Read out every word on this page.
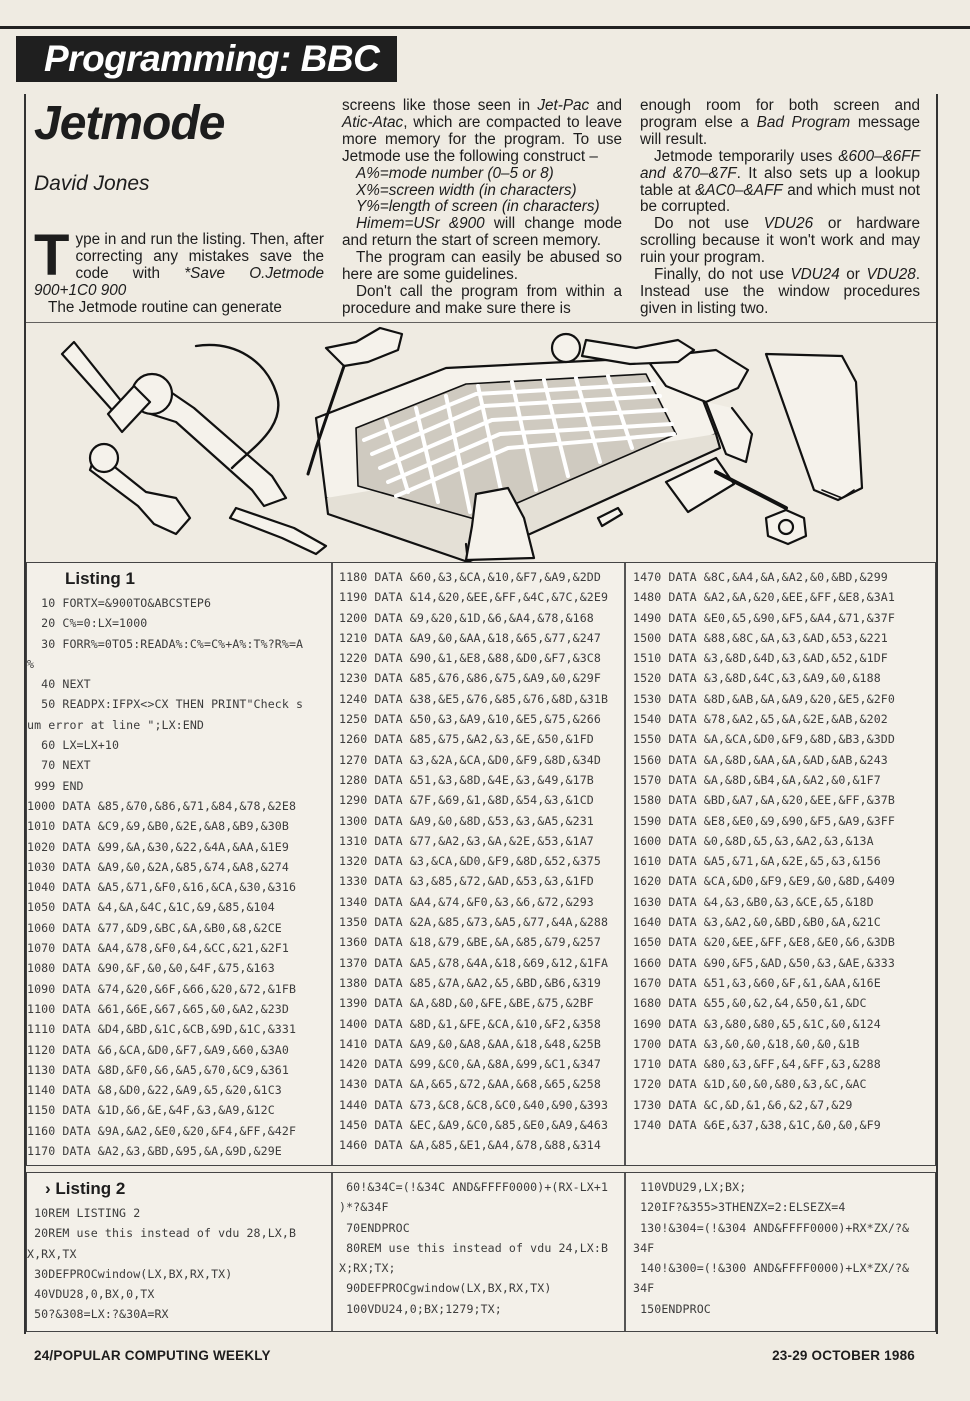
Programming: BBC
Jetmode
David Jones

Type in and run the listing. Then, after correcting any mistakes save the code with *Save O.Jetmode 900+1C0 900

The Jetmode routine can generate

screens like those seen in Jet-Pac and Atic-Atac, which are compacted to leave more memory for the program. To use Jetmode use the following construct –

A%=mode number (0–5 or 8)

X%=screen width (in characters)

Y%=length of screen (in characters)

Himem=USr &900 will change mode and return the start of screen memory.

The program can easily be abused so here are some guidelines.

Don't call the program from within a procedure and make sure there is

enough room for both screen and program else a Bad Program message will result.

Jetmode temporarily uses &600–&6FF and &70–&7F. It also sets up a lookup table at &AC0–&AFF and which must not be corrupted.

Do not use VDU26 or hardware scrolling because it won't work and may ruin your program.

Finally, do not use VDU24 or VDU28. Instead use the window procedures given in listing two.

Listing 1
10 FORTX=&900TO&ABCSTEP6
20 C%=0:LX=1000
30 FORR%=0TO5:READA%:C%=C%+A%:T%?R%=A
%
40 NEXT
50 READPX:IFPX<>CX THEN PRINT"Check s
um error at line ";LX:END
60 LX=LX+10
70 NEXT
999 END
1000 DATA &85,&70,&86,&71,&84,&78,&2E8
1010 DATA &C9,&9,&B0,&2E,&A8,&B9,&30B
1020 DATA &99,&A,&30,&22,&4A,&AA,&1E9
1030 DATA &A9,&0,&2A,&85,&74,&A8,&274
1040 DATA &A5,&71,&F0,&16,&CA,&30,&316
1050 DATA &4,&A,&4C,&1C,&9,&85,&104
1060 DATA &77,&D9,&BC,&A,&B0,&8,&2CE
1070 DATA &A4,&78,&F0,&4,&CC,&21,&2F1
1080 DATA &90,&F,&0,&0,&4F,&75,&163
1090 DATA &74,&20,&6F,&66,&20,&72,&1FB
1100 DATA &61,&6E,&67,&65,&0,&A2,&23D
1110 DATA &D4,&BD,&1C,&CB,&9D,&1C,&331
1120 DATA &6,&CA,&D0,&F7,&A9,&60,&3A0
1130 DATA &8D,&F0,&6,&A5,&70,&C9,&361
1140 DATA &8,&D0,&22,&A9,&5,&20,&1C3
1150 DATA &1D,&6,&E,&4F,&3,&A9,&12C
1160 DATA &9A,&A2,&E0,&20,&F4,&FF,&42F
1170 DATA &A2,&3,&BD,&95,&A,&9D,&29E
1180 DATA &60,&3,&CA,&10,&F7,&A9,&2DD
1190 DATA &14,&20,&EE,&FF,&4C,&7C,&2E9
1200 DATA &9,&20,&1D,&6,&A4,&78,&168
1210 DATA &A9,&0,&AA,&18,&65,&77,&247
1220 DATA &90,&1,&E8,&88,&D0,&F7,&3C8
1230 DATA &85,&76,&86,&75,&A9,&0,&29F
1240 DATA &38,&E5,&76,&85,&76,&8D,&31B
1250 DATA &50,&3,&A9,&10,&E5,&75,&266
1260 DATA &85,&75,&A2,&3,&E,&50,&1FD
1270 DATA &3,&2A,&CA,&D0,&F9,&8D,&34D
1280 DATA &51,&3,&8D,&4E,&3,&49,&17B
1290 DATA &7F,&69,&1,&8D,&54,&3,&1CD
1300 DATA &A9,&0,&8D,&53,&3,&A5,&231
1310 DATA &77,&A2,&3,&A,&2E,&53,&1A7
1320 DATA &3,&CA,&D0,&F9,&8D,&52,&375
1330 DATA &3,&85,&72,&AD,&53,&3,&1FD
1340 DATA &A4,&74,&F0,&3,&6,&72,&293
1350 DATA &2A,&85,&73,&A5,&77,&4A,&288
1360 DATA &18,&79,&BE,&A,&85,&79,&257
1370 DATA &A5,&78,&4A,&18,&69,&12,&1FA
1380 DATA &85,&7A,&A2,&5,&BD,&B6,&319
1390 DATA &A,&8D,&0,&FE,&BE,&75,&2BF
1400 DATA &8D,&1,&FE,&CA,&10,&F2,&358
1410 DATA &A9,&0,&A8,&AA,&18,&48,&25B
1420 DATA &99,&C0,&A,&8A,&99,&C1,&347
1430 DATA &A,&65,&72,&AA,&68,&65,&258
1440 DATA &73,&C8,&C8,&C0,&40,&90,&393
1450 DATA &EC,&A9,&C0,&85,&E0,&A9,&463
1460 DATA &A,&85,&E1,&A4,&78,&88,&314
1470 DATA &8C,&A4,&A,&A2,&0,&BD,&299
1480 DATA &A2,&A,&20,&EE,&FF,&E8,&3A1
1490 DATA &E0,&5,&90,&F5,&A4,&71,&37F
1500 DATA &88,&8C,&A,&3,&AD,&53,&221
1510 DATA &3,&8D,&4D,&3,&AD,&52,&1DF
1520 DATA &3,&8D,&4C,&3,&A9,&0,&188
1530 DATA &8D,&AB,&A,&A9,&20,&E5,&2F0
1540 DATA &78,&A2,&5,&A,&2E,&AB,&202
1550 DATA &A,&CA,&D0,&F9,&8D,&B3,&3DD
1560 DATA &A,&8D,&AA,&A,&AD,&AB,&243
1570 DATA &A,&8D,&B4,&A,&A2,&0,&1F7
1580 DATA &BD,&A7,&A,&20,&EE,&FF,&37B
1590 DATA &E8,&E0,&9,&90,&F5,&A9,&3FF
1600 DATA &0,&8D,&5,&3,&A2,&3,&13A
1610 DATA &A5,&71,&A,&2E,&5,&3,&156
1620 DATA &CA,&D0,&F9,&E9,&0,&8D,&409
1630 DATA &4,&3,&B0,&3,&CE,&5,&18D
1640 DATA &3,&A2,&0,&BD,&B0,&A,&21C
1650 DATA &20,&EE,&FF,&E8,&E0,&6,&3DB
1660 DATA &90,&F5,&AD,&50,&3,&AE,&333
1670 DATA &51,&3,&60,&F,&1,&AA,&16E
1680 DATA &55,&0,&2,&4,&50,&1,&DC
1690 DATA &3,&80,&80,&5,&1C,&0,&124
1700 DATA &3,&0,&0,&18,&0,&0,&1B
1710 DATA &80,&3,&FF,&4,&FF,&3,&288
1720 DATA &1D,&0,&0,&80,&3,&C,&AC
1730 DATA &C,&D,&1,&6,&2,&7,&29
1740 DATA &6E,&37,&38,&1C,&0,&0,&F9
› Listing 2
10REM LISTING 2
20REM use this instead of vdu 28,LX,B
X,RX,TX
30DEFPROCwindow(LX,BX,RX,TX)
40VDU28,0,BX,0,TX
50?&308=LX:?&30A=RX
60!&34C=(!&34C AND&FFFF0000)+(RX-LX+1
)*?&34F
70ENDPROC
80REM use this instead of vdu 24,LX:B
X;RX;TX;
90DEFPROCgwindow(LX,BX,RX,TX)
100VDU24,0;BX;1279;TX;
110VDU29,LX;BX;
120IF?&355>3THENZX=2:ELSEZX=4
130!&304=(!&304 AND&FFFF0000)+RX*ZX/?&
34F
140!&300=(!&300 AND&FFFF0000)+LX*ZX/?&
34F
150ENDPROC
24/POPULAR COMPUTING WEEKLY	23-29 OCTOBER 1986
